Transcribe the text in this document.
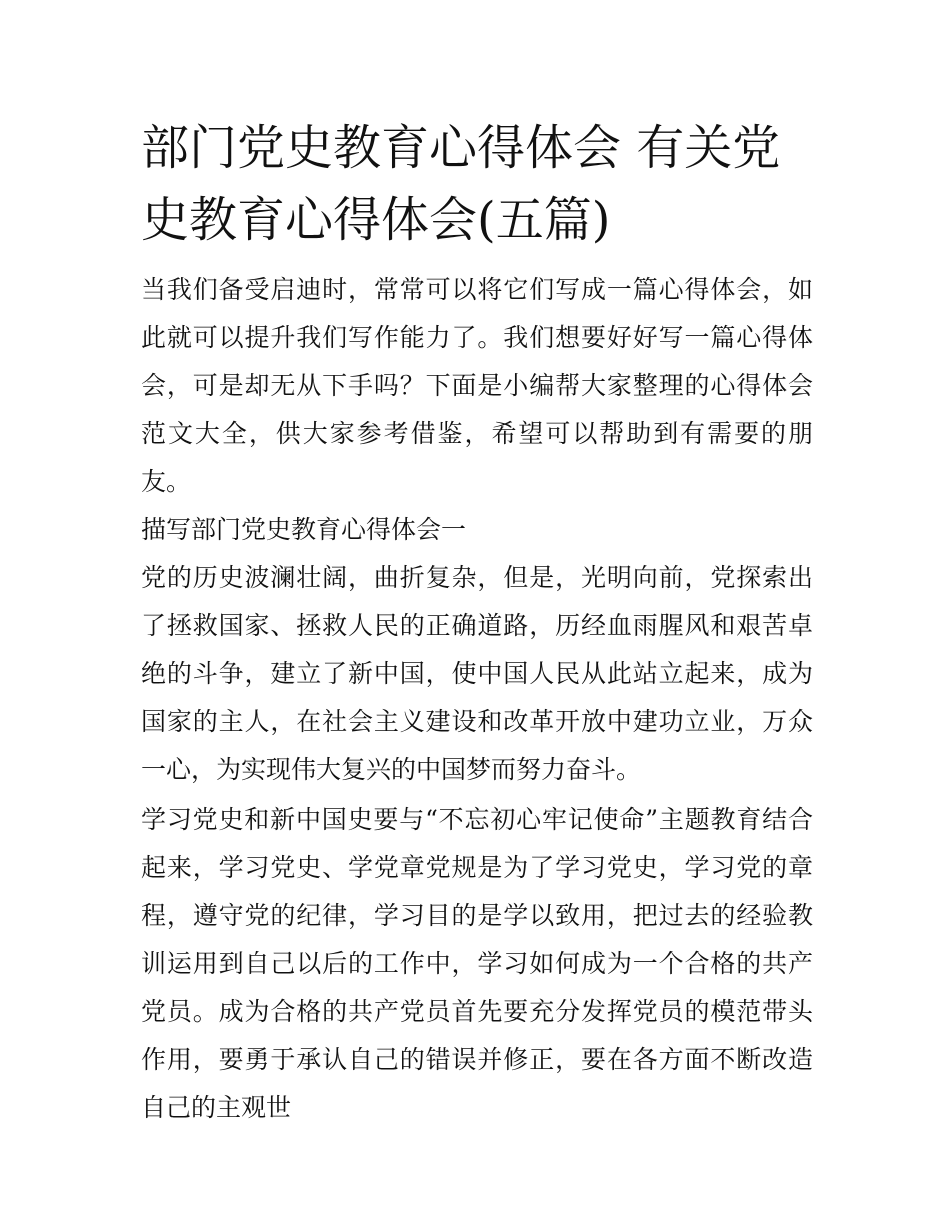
部门党史教育心得体会 有关党史教育心得体会(五篇)

当我们备受启迪时，常常可以将它们写成一篇心得体会，如此就可以提升我们写作能力了。我们想要好好写一篇心得体会，可是却无从下手吗？下面是小编帮大家整理的心得体会范文大全，供大家参考借鉴，希望可以帮助到有需要的朋友。

描写部门党史教育心得体会一

党的历史波澜壮阔，曲折复杂，但是，光明向前，党探索出了拯救国家、拯救人民的正确道路，历经血雨腥风和艰苦卓绝的斗争，建立了新中国，使中国人民从此站立起来，成为国家的主人，在社会主义建设和改革开放中建功立业，万众一心，为实现伟大复兴的中国梦而努力奋斗。

学习党史和新中国史要与“不忘初心牢记使命”主题教育结合起来，学习党史、学党章党规是为了学习党史，学习党的章程，遵守党的纪律，学习目的是学以致用，把过去的经验教训运用到自己以后的工作中，学习如何成为一个合格的共产党员。成为合格的共产党员首先要充分发挥党员的模范带头作用，要勇于承认自己的错误并修正，要在各方面不断改造自己的主观世
